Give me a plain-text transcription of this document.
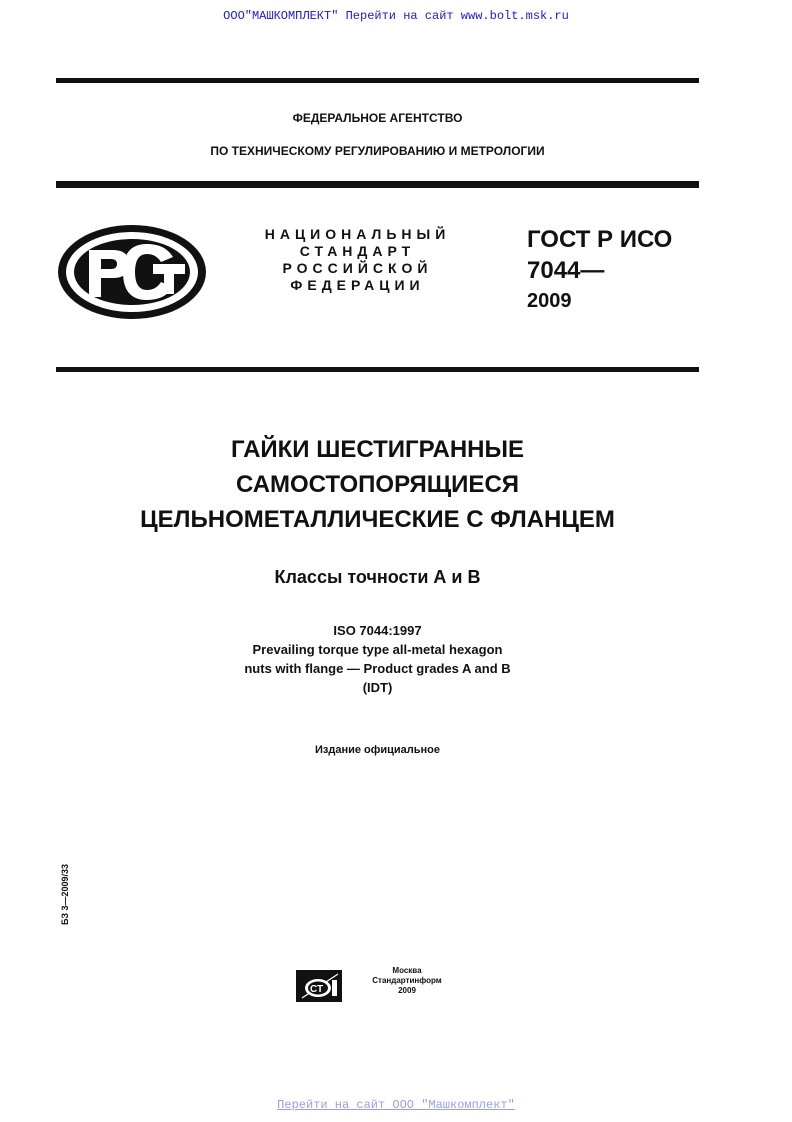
ООО"МАШКОМПЛЕКТ" Перейти на сайт www.bolt.msk.ru
ФЕДЕРАЛЬНОЕ АГЕНТСТВО
ПО ТЕХНИЧЕСКОМУ РЕГУЛИРОВАНИЮ И МЕТРОЛОГИИ
НАЦИОНАЛЬНЫЙ
СТАНДАРТ
РОССИЙСКОЙ
ФЕДЕРАЦИИ
ГОСТ Р ИСО
7044—
2009
ГАЙКИ ШЕСТИГРАННЫЕ
САМОСТОПОРЯЩИЕСЯ
ЦЕЛЬНОМЕТАЛЛИЧЕСКИЕ С ФЛАНЦЕМ
Классы точности А и В
ISO 7044:1997
Prevailing torque type all-metal hexagon
nuts with flange — Product grades A and B
(IDT)
Издание официальное
БЗ 3—2009/33
СТ
Москва
Стандартинформ
2009
Перейти на сайт ООО "Машкомплект"
